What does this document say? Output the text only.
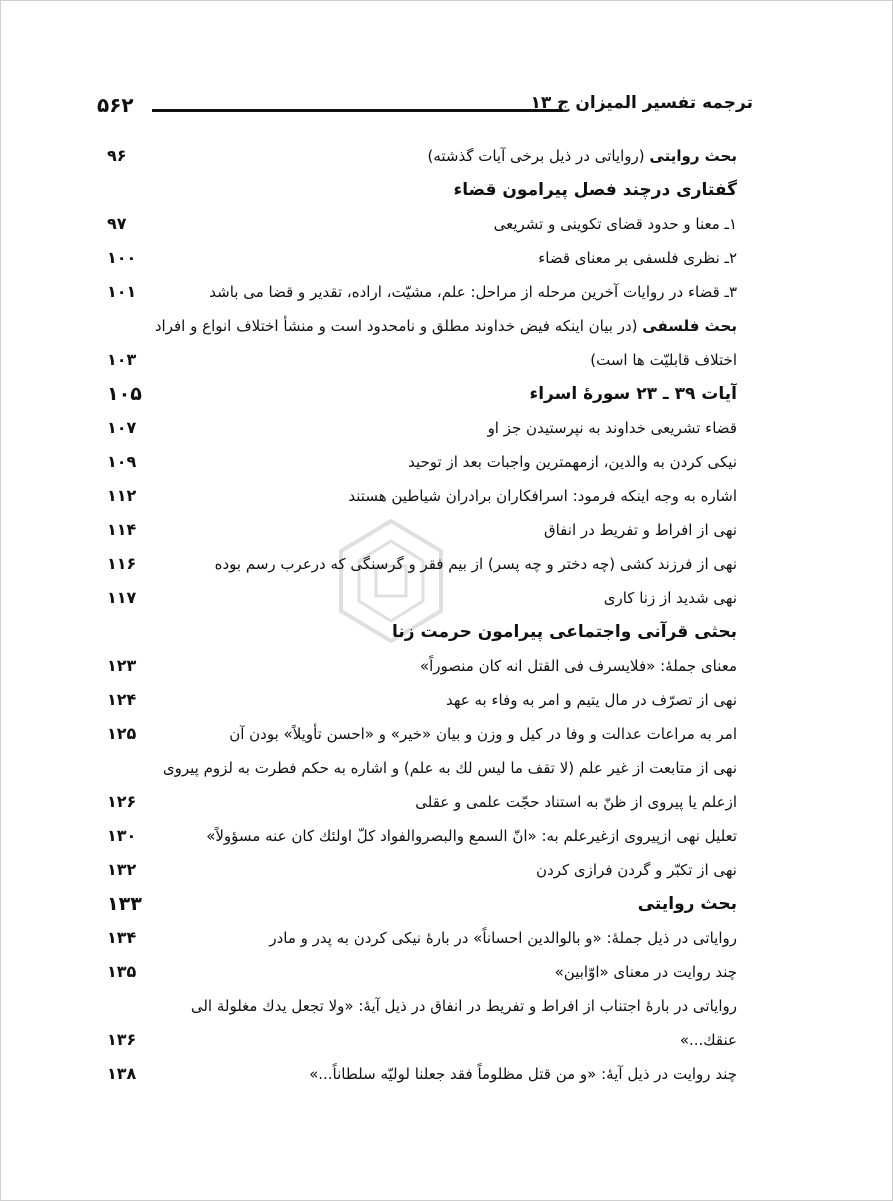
۵۶۲	ترجمه تفسیر المیزان ج ۱۳
بحث روایتی (روایاتی در ذیل برخی آیات گذشته)
۹۶
گفتاری درچند فصل پیرامون قضاء
۱ـ معنا و حدود قضای تکوینی و تشریعی
۹۷
۲ـ نظری فلسفی بر معنای قضاء
۱۰۰
۳ـ قضاء در روایات آخرین مرحله از مراحل: علم، مشیّت، اراده، تقدیر و قضا می باشد
۱۰۱
بحث فلسفی (در بیان اینکه فیض خداوند مطلق و نامحدود است و منشأ اختلاف انواع و افراد
اختلاف قابلیّت ها است)
۱۰۳
آیات ۳۹ ـ ۲۳ سورهٔ اسراء
۱۰۵
قضاء تشریعی خداوند به نپرستیدن جز او
۱۰۷
نیکی کردن به والدین، ازمهمترین واجبات بعد از توحید
۱۰۹
اشاره به وجه اینکه فرمود: اسرافکاران برادران شیاطین هستند
۱۱۲
نهی از افراط و تفریط در انفاق
۱۱۴
نهی از فرزند کشی (چه دختر و چه پسر) از بیم فقر و گرسنگی که درعرب رسم بوده
۱۱۶
نهی شدید از زنا کاری
۱۱۷
بحثی قرآنی واجتماعی پیرامون حرمت زنا
معنای جملهٔ: «فلایسرف فی القتل انه کان منصوراً»
۱۲۳
نهی از تصرّف در مال یتیم و امر به وفاء به عهد
۱۲۴
امر به مراعات عدالت و وفا در کیل و وزن و بیان «خیر» و «احسن تأویلاً» بودن آن
۱۲۵
نهی از متابعت از غیر علم (لا تقف ما لیس لك به علم) و اشاره به حکم فطرت به لزوم پیروی
ازعلم یا پیروی از ظنّ به استناد حجّت علمی و عقلی
۱۲۶
تعلیل نهی ازپیروی ازغیرعلم به: «انّ السمع والبصروالفواد کلّ اولئك کان عنه مسؤولاً»
۱۳۰
نهی از تکبّر و گردن فرازی کردن
۱۳۲
بحث روایتی
۱۳۳
روایاتی در ذیل جملهٔ: «و بالوالدین احساناً» در بارهٔ نیکی کردن به پدر و مادر
۱۳۴
چند روایت در معنای «اوّابین»
۱۳۵
روایاتی در بارهٔ اجتناب از افراط و تفریط در انفاق در ذیل آیهٔ: «ولا تجعل یدك مغلولة الی
عنقك...»
۱۳۶
چند روایت در ذیل آیهٔ: «و من قتل مظلوماً فقد جعلنا لولیّه سلطاناً...»
۱۳۸
